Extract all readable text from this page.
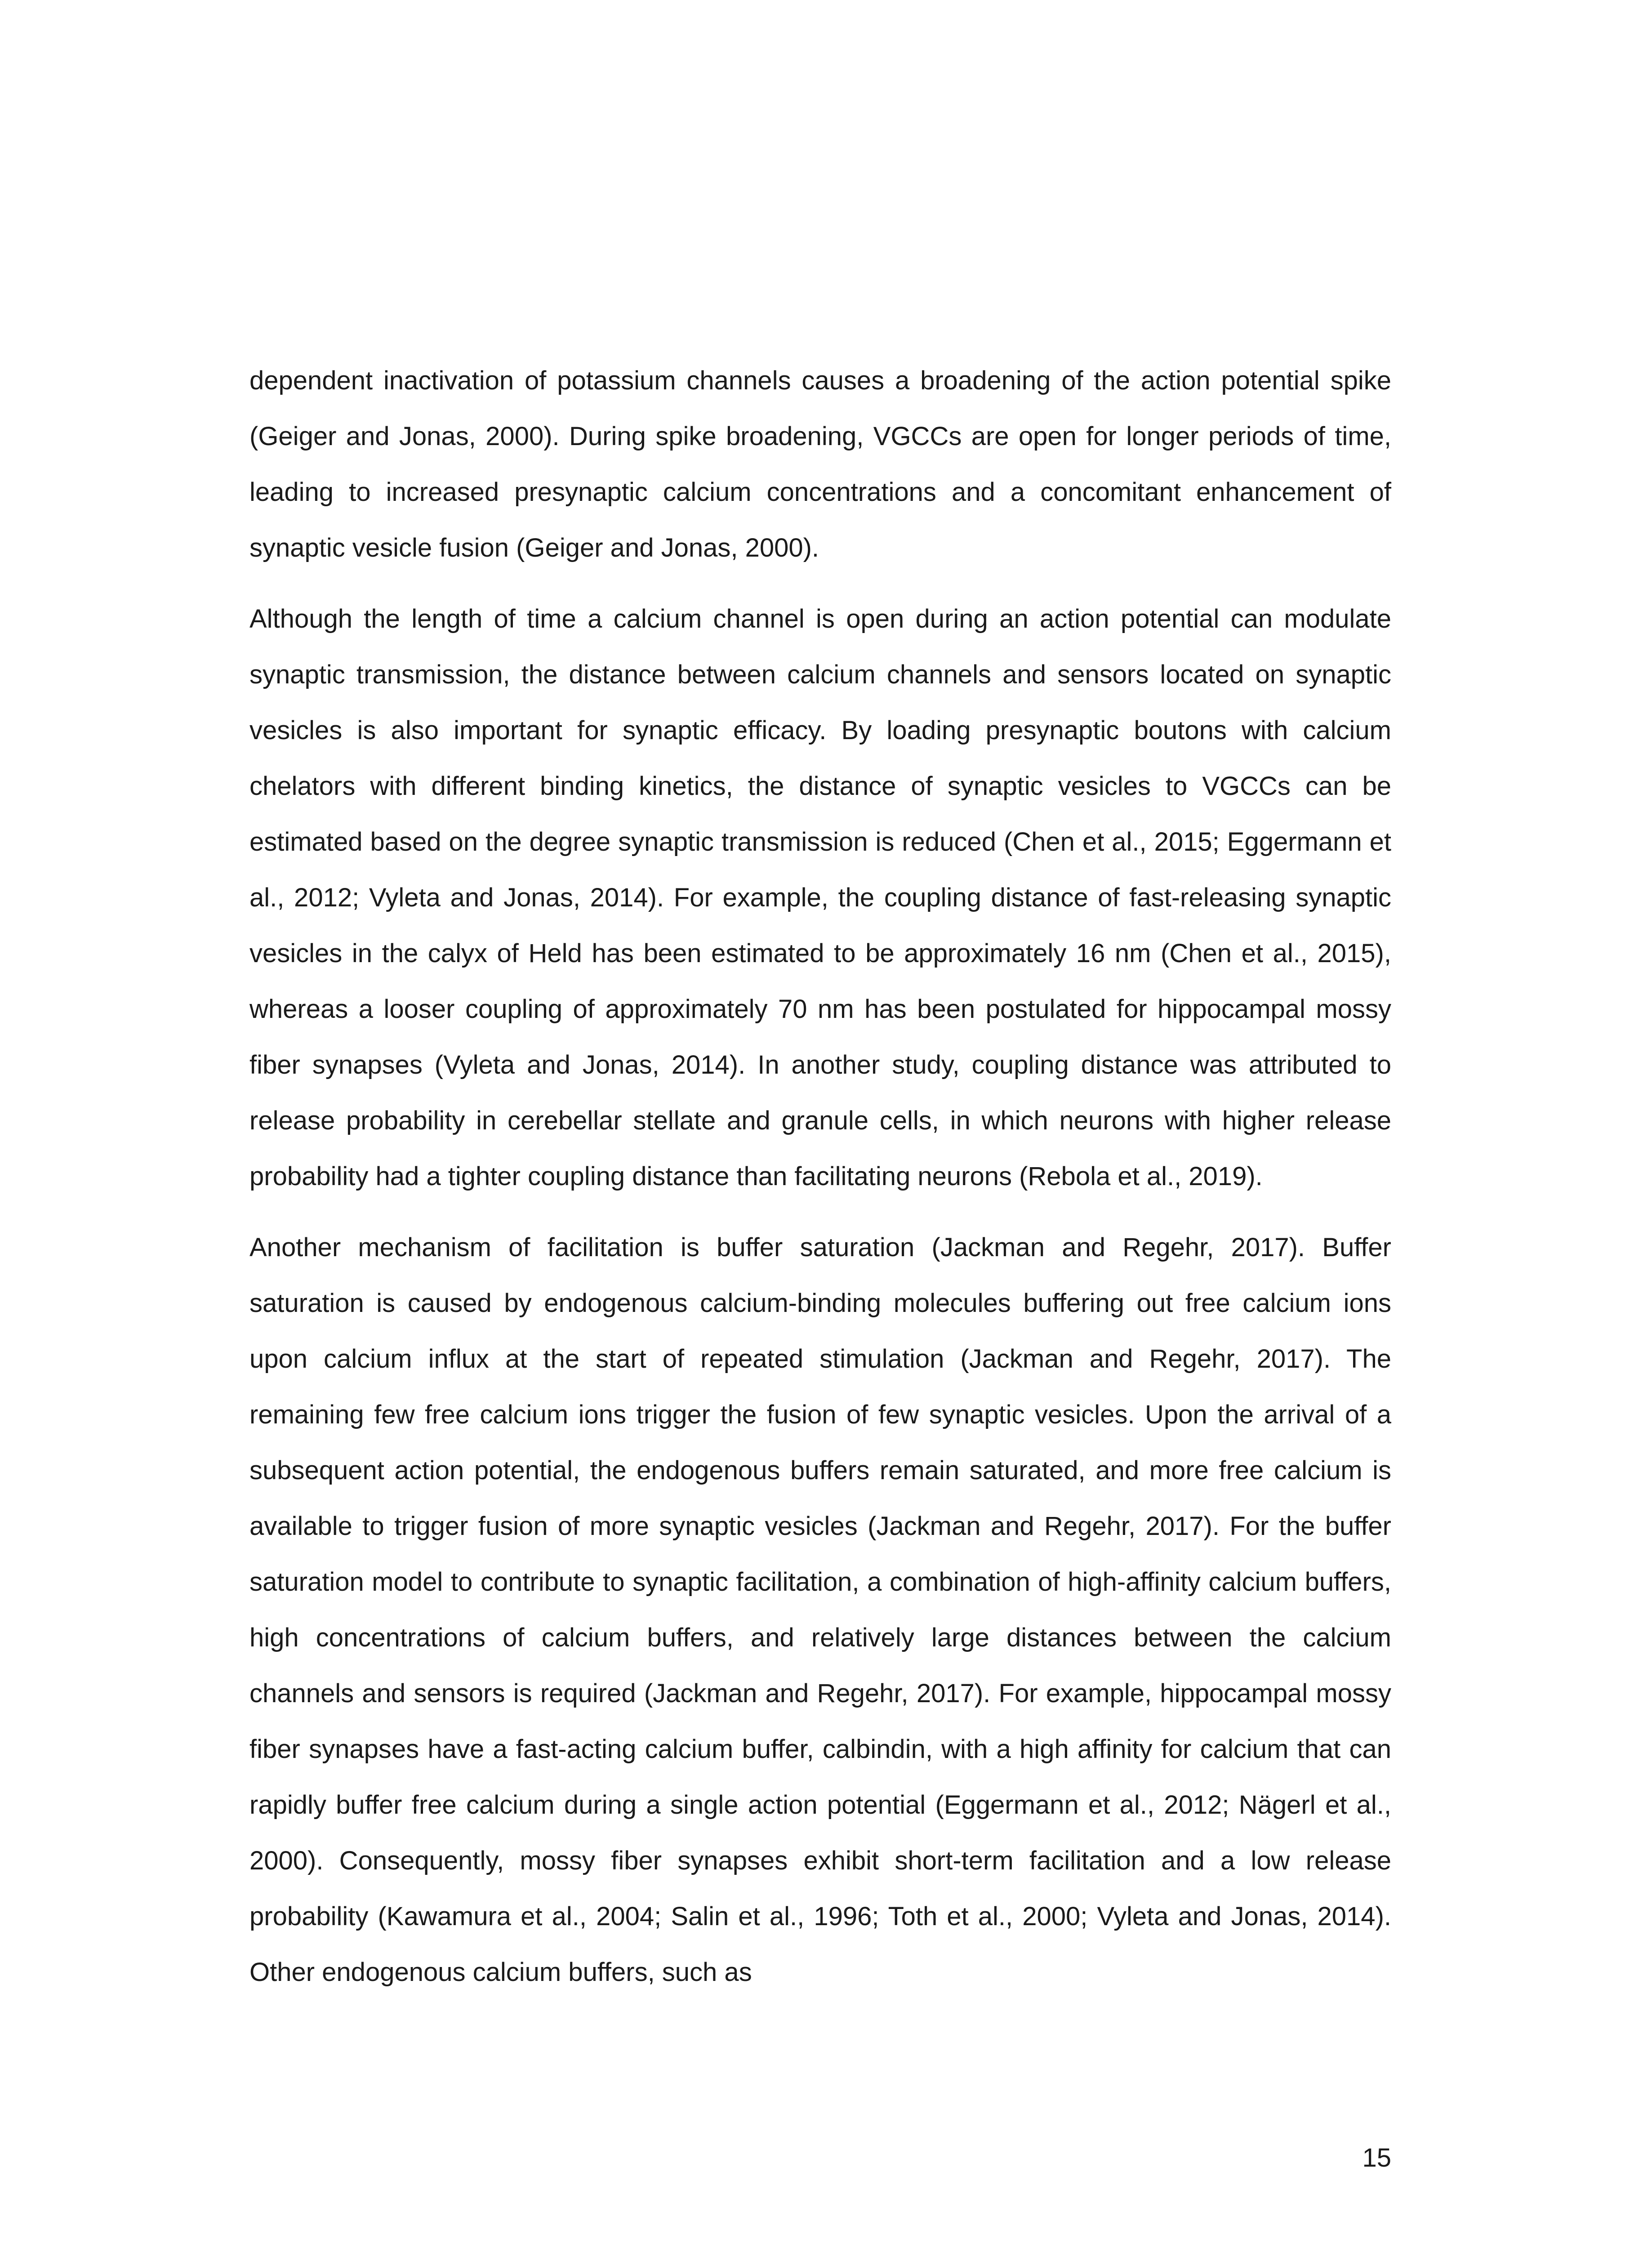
dependent inactivation of potassium channels causes a broadening of the action potential spike (Geiger and Jonas, 2000). During spike broadening, VGCCs are open for longer periods of time, leading to increased presynaptic calcium concentrations and a concomitant enhancement of synaptic vesicle fusion (Geiger and Jonas, 2000).

Although the length of time a calcium channel is open during an action potential can modulate synaptic transmission, the distance between calcium channels and sensors located on synaptic vesicles is also important for synaptic efficacy. By loading presynaptic boutons with calcium chelators with different binding kinetics, the distance of synaptic vesicles to VGCCs can be estimated based on the degree synaptic transmission is reduced (Chen et al., 2015; Eggermann et al., 2012; Vyleta and Jonas, 2014). For example, the coupling distance of fast-releasing synaptic vesicles in the calyx of Held has been estimated to be approximately 16 nm (Chen et al., 2015), whereas a looser coupling of approximately 70 nm has been postulated for hippocampal mossy fiber synapses (Vyleta and Jonas, 2014). In another study, coupling distance was attributed to release probability in cerebellar stellate and granule cells, in which neurons with higher release probability had a tighter coupling distance than facilitating neurons (Rebola et al., 2019).

Another mechanism of facilitation is buffer saturation (Jackman and Regehr, 2017). Buffer saturation is caused by endogenous calcium-binding molecules buffering out free calcium ions upon calcium influx at the start of repeated stimulation (Jackman and Regehr, 2017). The remaining few free calcium ions trigger the fusion of few synaptic vesicles. Upon the arrival of a subsequent action potential, the endogenous buffers remain saturated, and more free calcium is available to trigger fusion of more synaptic vesicles (Jackman and Regehr, 2017). For the buffer saturation model to contribute to synaptic facilitation, a combination of high-affinity calcium buffers, high concentrations of calcium buffers, and relatively large distances between the calcium channels and sensors is required (Jackman and Regehr, 2017). For example, hippocampal mossy fiber synapses have a fast-acting calcium buffer, calbindin, with a high affinity for calcium that can rapidly buffer free calcium during a single action potential (Eggermann et al., 2012; Nägerl et al., 2000). Consequently, mossy fiber synapses exhibit short-term facilitation and a low release probability (Kawamura et al., 2004; Salin et al., 1996; Toth et al., 2000; Vyleta and Jonas, 2014). Other endogenous calcium buffers, such as

15
